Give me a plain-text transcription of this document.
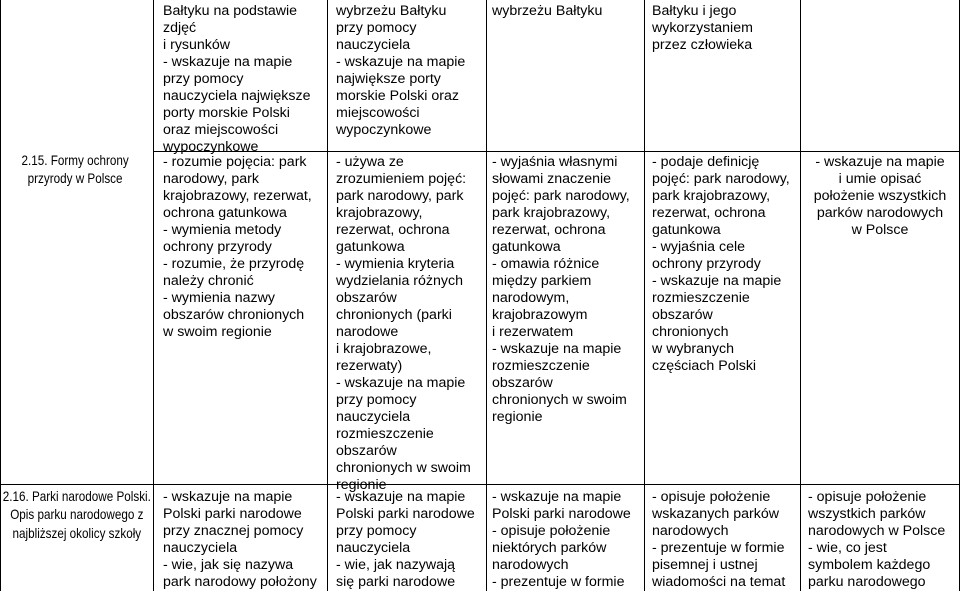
Bałtyku na podstawie
zdjęć
i rysunków
- wskazuje na mapie
przy pomocy
nauczyciela największe
porty morskie Polski
oraz miejscowości
wypoczynkowe
wybrzeżu Bałtyku
przy pomocy
nauczyciela
- wskazuje na mapie
największe porty
morskie Polski oraz
miejscowości
wypoczynkowe
wybrzeżu Bałtyku	Bałtyku i jego
wykorzystaniem
przez człowieka
2.15. Formy ochrony przyrody w Polsce
- rozumie pojęcia: park
narodowy, park
krajobrazowy, rezerwat,
ochrona gatunkowa
- wymienia metody
ochrony przyrody
- rozumie, że przyrodę
należy chronić
- wymienia nazwy
obszarów chronionych
w swoim regionie
- używa ze
zrozumieniem pojęć:
park narodowy, park
krajobrazowy,
rezerwat, ochrona
gatunkowa
- wymienia kryteria
wydzielania różnych
obszarów
chronionych (parki
narodowe
i krajobrazowe,
rezerwaty)
- wskazuje na mapie
przy pomocy
nauczyciela
rozmieszczenie
obszarów
chronionych w swoim
regionie
- wyjaśnia własnymi
słowami znaczenie
pojęć: park narodowy,
park krajobrazowy,
rezerwat, ochrona
gatunkowa
- omawia różnice
między parkiem
narodowym,
krajobrazowym
i rezerwatem
- wskazuje na mapie
rozmieszczenie
obszarów
chronionych w swoim
regionie
- podaje definicję
pojęć: park narodowy,
park krajobrazowy,
rezerwat, ochrona
gatunkowa
- wyjaśnia cele
ochrony przyrody
- wskazuje na mapie
rozmieszczenie
obszarów
chronionych
w wybranych
częściach Polski
- wskazuje na mapie
i umie opisać
położenie wszystkich
parków narodowych
w Polsce
2.16. Parki narodowe Polski. Opis parku narodowego z najbliższej okolicy szkoły
- wskazuje na mapie
Polski parki narodowe
przy znacznej pomocy
nauczyciela
- wie, jak się nazywa
park narodowy położony
- wskazuje na mapie
Polski parki narodowe
przy pomocy
nauczyciela
- wie, jak nazywają
się parki narodowe
- wskazuje na mapie
Polski parki narodowe
- opisuje położenie
niektórych parków
narodowych
- prezentuje w formie
- opisuje położenie
wskazanych parków
narodowych
- prezentuje w formie
pisemnej i ustnej
wiadomości na temat
- opisuje położenie
wszystkich parków
narodowych w Polsce
- wie, co jest
symbolem każdego
parku narodowego
